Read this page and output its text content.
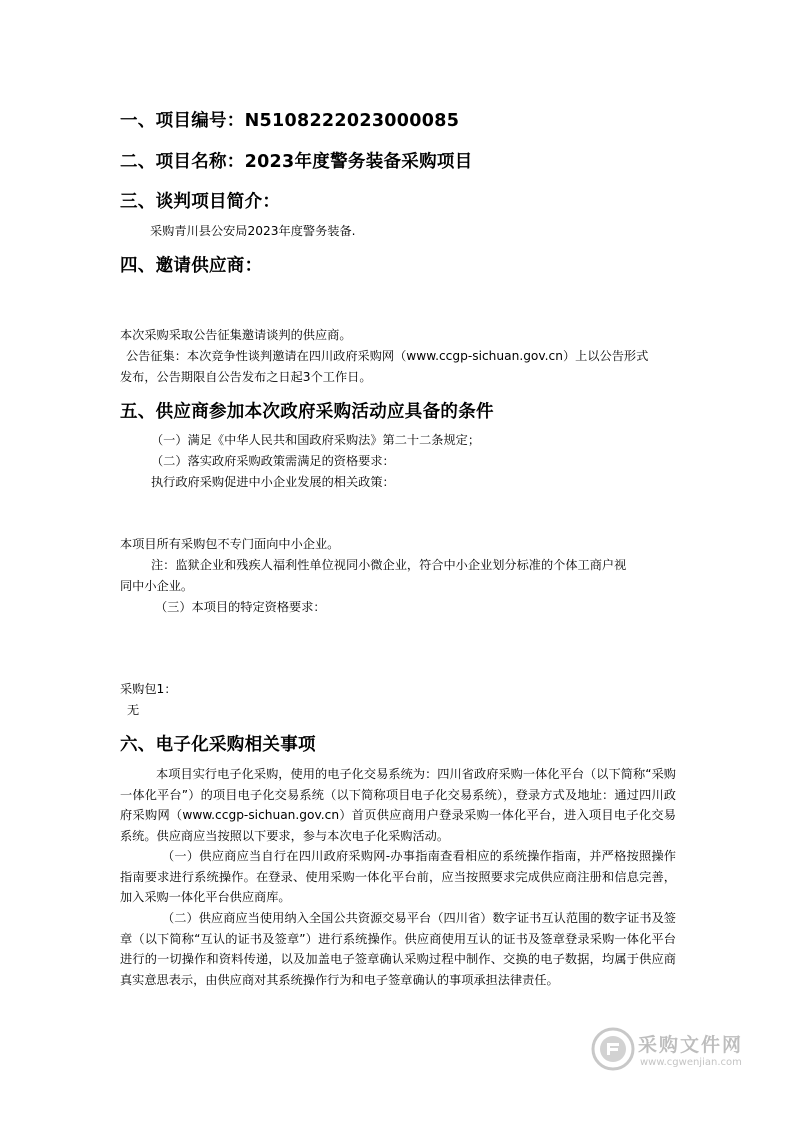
一、项目编号：N5108222023000085
二、项目名称：2023年度警务装备采购项目
三、谈判项目简介：
采购青川县公安局2023年度警务装备.
四、邀请供应商：
本次采购采取公告征集邀请谈判的供应商。
公告征集：本次竞争性谈判邀请在四川政府采购网（www.ccgp-sichuan.gov.cn）上以公告形式
发布，公告期限自公告发布之日起3个工作日。
五、供应商参加本次政府采购活动应具备的条件
（一）满足《中华人民共和国政府采购法》第二十二条规定；
（二）落实政府采购政策需满足的资格要求：
执行政府采购促进中小企业发展的相关政策：
本项目所有采购包不专门面向中小企业。
注：监狱企业和残疾人福利性单位视同小微企业，符合中小企业划分标准的个体工商户视
同中小企业。
（三）本项目的特定资格要求：
采购包1：
无
六、电子化采购相关事项
本项目实行电子化采购，使用的电子化交易系统为：四川省政府采购一体化平台（以下简称“采购一体化平台”）的项目电子化交易系统（以下简称项目电子化交易系统），登录方式及地址：通过四川政府采购网（www.ccgp-sichuan.gov.cn）首页供应商用户登录采购一体化平台，进入项目电子化交易系统。供应商应当按照以下要求，参与本次电子化采购活动。
（一）供应商应当自行在四川政府采购网-办事指南查看相应的系统操作指南，并严格按照操作指南要求进行系统操作。在登录、使用采购一体化平台前，应当按照要求完成供应商注册和信息完善，加入采购一体化平台供应商库。
（二）供应商应当使用纳入全国公共资源交易平台（四川省）数字证书互认范围的数字证书及签章（以下简称“互认的证书及签章”）进行系统操作。供应商使用互认的证书及签章登录采购一体化平台进行的一切操作和资料传递，以及加盖电子签章确认采购过程中制作、交换的电子数据，均属于供应商真实意思表示，由供应商对其系统操作行为和电子签章确认的事项承担法律责任。
采购文件网
www.cgwenjian.com
